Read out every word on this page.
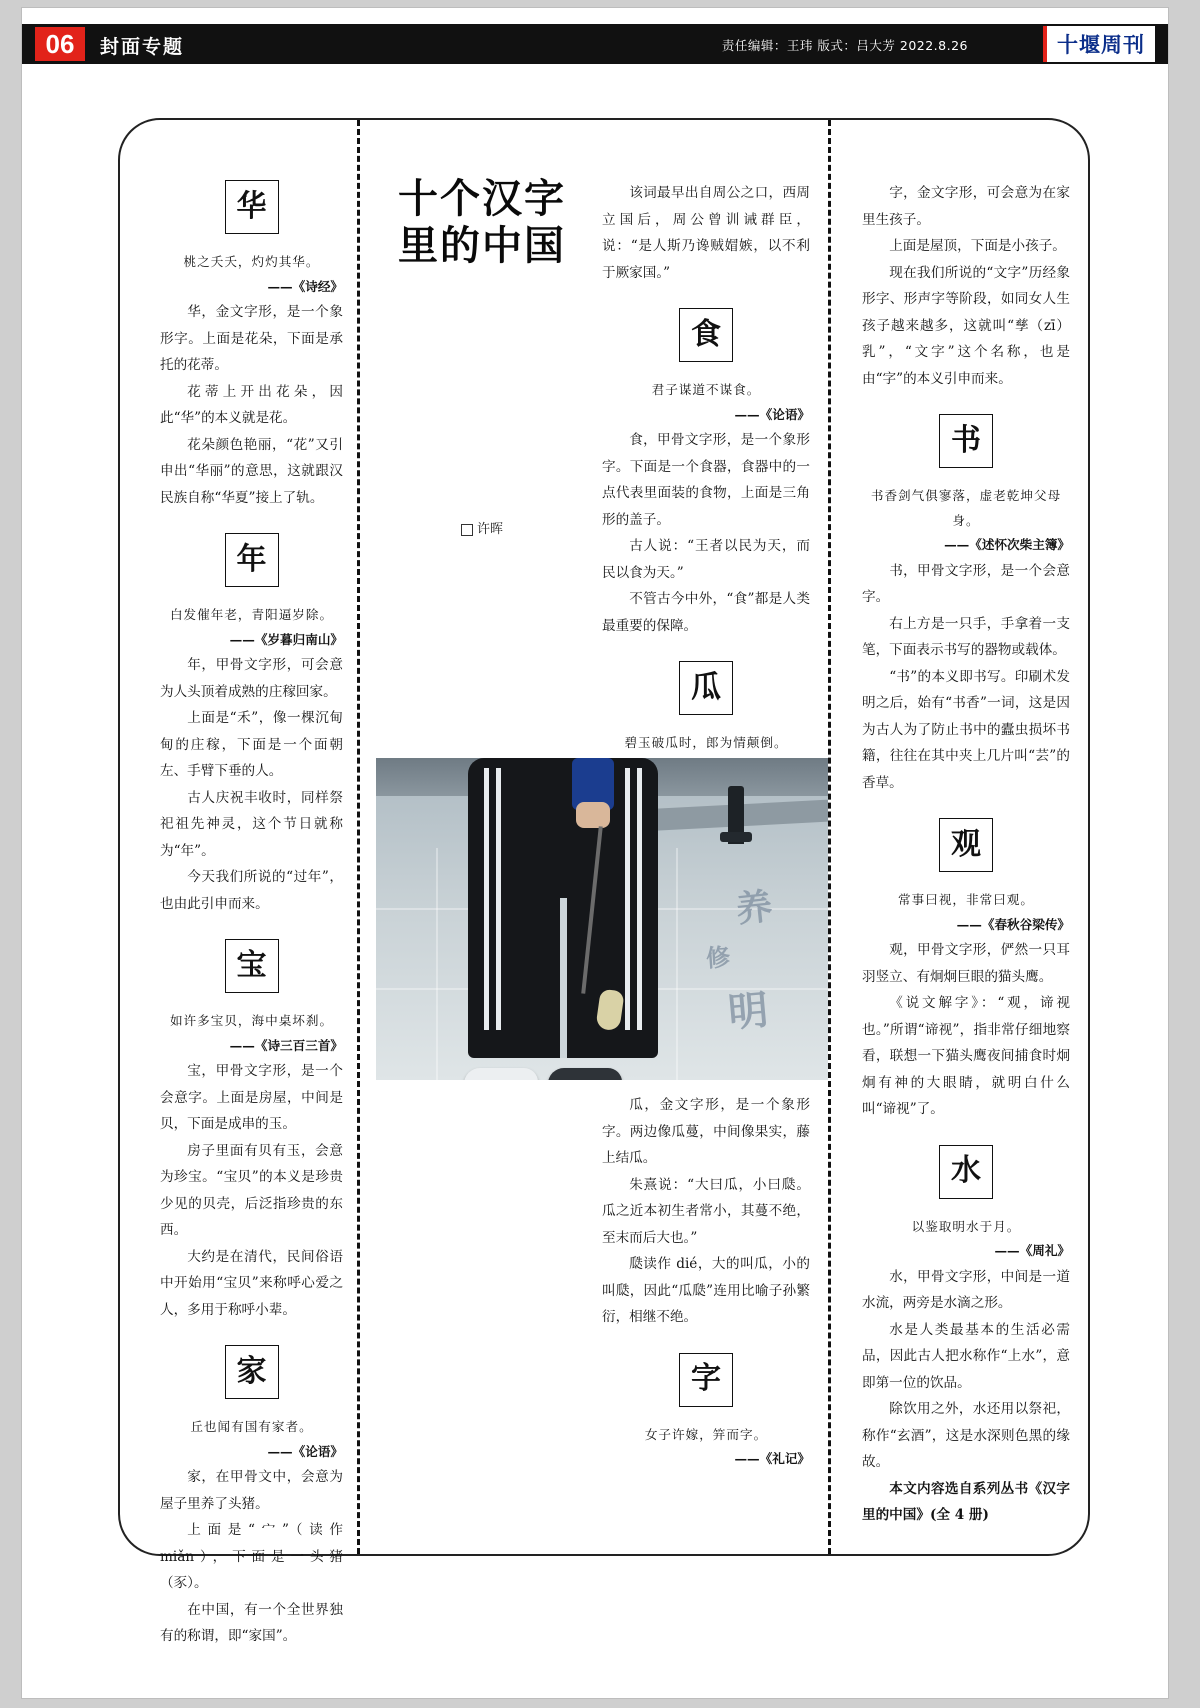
06	封面专题	责任编辑：王玮 版式：吕大芳 2022.8.26	十堰周刊
十个汉字里的中国
许晖
华

桃之夭夭，灼灼其华。

——《诗经》

华，金文字形，是一个象形字。上面是花朵，下面是承托的花蒂。

花蒂上开出花朵，因此“华”的本义就是花。

花朵颜色艳丽，“花”又引申出“华丽”的意思，这就跟汉民族自称“华夏”接上了轨。

年

白发催年老，青阳逼岁除。

——《岁暮归南山》

年，甲骨文字形，可会意为人头顶着成熟的庄稼回家。

上面是“禾”，像一棵沉甸甸的庄稼，下面是一个面朝左、手臂下垂的人。

古人庆祝丰收时，同样祭祀祖先神灵，这个节日就称为“年”。

今天我们所说的“过年”，也由此引申而来。

宝

如许多宝贝，海中桌坏刹。

——《诗三百三首》

宝，甲骨文字形，是一个会意字。上面是房屋，中间是贝，下面是成串的玉。

房子里面有贝有玉，会意为珍宝。“宝贝”的本义是珍贵少见的贝壳，后泛指珍贵的东西。

大约是在清代，民间俗语中开始用“宝贝”来称呼心爱之人，多用于称呼小辈。

家

丘也闻有国有家者。

——《论语》

家，在甲骨文中，会意为屋子里养了头猪。

上面是“宀”（读作 miǎn），下面是一头猪（豕）。

在中国，有一个全世界独有的称谓，即“家国”。

该词最早出自周公之口，西周立国后，周公曾训诫群臣，说：“是人斯乃谗贼媢嫉，以不利于厥家国。”

食

君子谋道不谋食。

——《论语》

食，甲骨文字形，是一个象形字。下面是一个食器，食器中的一点代表里面装的食物，上面是三角形的盖子。

古人说：“王者以民为天，而民以食为天。”

不管古今中外，“食”都是人类最重要的保障。

瓜

碧玉破瓜时，郎为情颠倒。

养
修
明

瓜，金文字形，是一个象形字。两边像瓜蔓，中间像果实，藤上结瓜。

朱熹说：“大曰瓜，小曰瓞。瓜之近本初生者常小，其蔓不绝，至末而后大也。”

瓞读作 dié，大的叫瓜，小的叫瓞，因此“瓜瓞”连用比喻子孙繁衍，相继不绝。

字

女子许嫁，笄而字。

——《礼记》

字，金文字形，可会意为在家里生孩子。

上面是屋顶，下面是小孩子。

现在我们所说的“文字”历经象形字、形声字等阶段，如同女人生孩子越来越多，这就叫“孳（zī）乳”，“文字”这个名称，也是由“字”的本义引申而来。

书

书香剑气俱寥落，虚老乾坤父母身。

——《述怀次柴主簿》

书，甲骨文字形，是一个会意字。

右上方是一只手，手拿着一支笔，下面表示书写的器物或载体。

“书”的本义即书写。印刷术发明之后，始有“书香”一词，这是因为古人为了防止书中的蠹虫损坏书籍，往往在其中夹上几片叫“芸”的香草。

观

常事曰视，非常曰观。

——《春秋谷梁传》

观，甲骨文字形，俨然一只耳羽竖立、有炯炯巨眼的猫头鹰。

《说文解字》：“观，谛视也。”所谓“谛视”，指非常仔细地察看，联想一下猫头鹰夜间捕食时炯炯有神的大眼睛，就明白什么叫“谛视”了。

水

以鉴取明水于月。

——《周礼》

水，甲骨文字形，中间是一道水流，两旁是水滴之形。

水是人类最基本的生活必需品，因此古人把水称作“上水”，意即第一位的饮品。

除饮用之外，水还用以祭祀，称作“玄酒”，这是水深则色黑的缘故。

本文内容选自系列丛书《汉字里的中国》(全 4 册)
